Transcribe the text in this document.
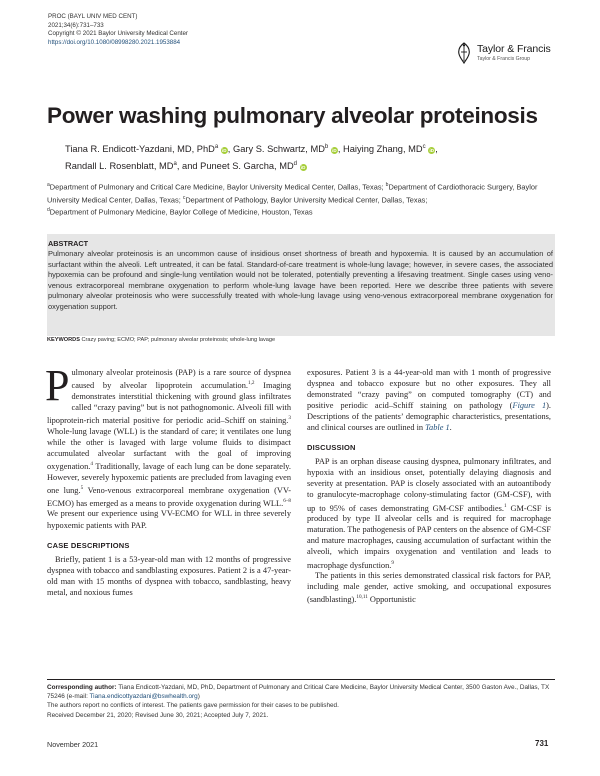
PROC (BAYL UNIV MED CENT)
2021;34(6):731–733
Copyright © 2021 Baylor University Medical Center
https://doi.org/10.1080/08998280.2021.1953884
Taylor & Francis
Taylor & Francis Group
Power washing pulmonary alveolar proteinosis
Tiana R. Endicott-Yazdani, MD, PhD$^a$ iD, Gary S. Schwartz, $MD^b$ iD, Haiying Zhang, $MD^c$ iD,
Randall L. Rosenblatt, $MD^a$, and Puneet S. Garcha, $MD^d$ iD
$^a$Department of Pulmonary and Critical Care Medicine, Baylor University Medical Center, Dallas, Texas; $^b$Department of Cardiothoracic Surgery, Baylor University Medical Center, Dallas, Texas; $^c$Department of Pathology, Baylor University Medical Center, Dallas, Texas;
$^d$Department of Pulmonary Medicine, Baylor College of Medicine, Houston, Texas
ABSTRACT
Pulmonary alveolar proteinosis is an uncommon cause of insidious onset shortness of breath and hypoxemia. It is caused by an accumulation of surfactant within the alveoli. Left untreated, it can be fatal. Standard-of-care treatment is whole-lung lavage; however, in severe cases, the associated hypoxemia can be profound and single-lung ventilation would not be tolerated, potentially preventing a lifesaving treatment. Single cases using veno-venous extracorporeal membrane oxygenation to perform whole-lung lavage have been reported. Here we describe three patients with severe pulmonary alveolar proteinosis who were successfully treated with whole-lung lavage using veno-venous extracorporeal membrane oxygenation for oxygenation support.
KEYWORDS Crazy paving; ECMO; PAP; pulmonary alveolar proteinosis; whole-lung lavage

Pulmonary alveolar proteinosis (PAP) is a rare source of dyspnea caused by alveolar lipoprotein accumulation.$^{1,2}$ Imaging demonstrates interstitial thickening with ground glass infiltrates called “crazy paving” but is not pathognomonic. Alveoli fill with lipoprotein-rich material positive for periodic acid–Schiff on staining.$^3$ Whole-lung lavage (WLL) is the standard of care; it ventilates one lung while the other is lavaged with large volume fluids to disimpact accumulated alveolar surfactant with the goal of improving oxygenation.$^4$ Traditionally, lavage of each lung can be done separately. However, severely hypoxemic patients are precluded from lavaging even one lung.$^5$ Veno-venous extracorporeal membrane oxygenation (VV-ECMO) has emerged as a means to provide oxygenation during WLL.$^{6-8}$ We present our experience using VV-ECMO for WLL in three severely hypoxemic patients with PAP.

CASE DESCRIPTIONS

Briefly, patient 1 is a 53-year-old man with 12 months of progressive dyspnea with tobacco and sandblasting exposures. Patient 2 is a 47-year-old man with 15 months of dyspnea with tobacco, sandblasting, heavy metal, and noxious fumes

exposures. Patient 3 is a 44-year-old man with 1 month of progressive dyspnea and tobacco exposure but no other exposures. They all demonstrated “crazy paving” on computed tomography (CT) and positive periodic acid–Schiff staining on pathology (Figure 1). Descriptions of the patients’ demographic characteristics, presentations, and clinical courses are outlined in Table 1.

DISCUSSION

PAP is an orphan disease causing dyspnea, pulmonary infiltrates, and hypoxia with an insidious onset, potentially delaying diagnosis and severity at presentation. PAP is closely associated with an autoantibody to granulocyte-macrophage colony-stimulating factor (GM-CSF), with up to 95% of cases demonstrating GM-CSF antibodies.$^1$ GM-CSF is produced by type II alveolar cells and is required for macrophage maturation. The pathogenesis of PAP centers on the absence of GM-CSF and mature macrophages, causing accumulation of surfactant within the alveoli, which impairs oxygenation and ventilation and leads to macrophage dysfunction.$^9$

The patients in this series demonstrated classical risk factors for PAP, including male gender, active smoking, and occupational exposures (sandblasting).$^{10,11}$ Opportunistic

Corresponding author: Tiana Endicott-Yazdani, MD, PhD, Department of Pulmonary and Critical Care Medicine, Baylor University Medical Center, 3500 Gaston Ave., Dallas, TX 75246 (e-mail: Tiana.endicottyazdani@bswhealth.org)
The authors report no conflicts of interest. The patients gave permission for their cases to be published.
Received December 21, 2020; Revised June 30, 2021; Accepted July 7, 2021.
November 2021	731
